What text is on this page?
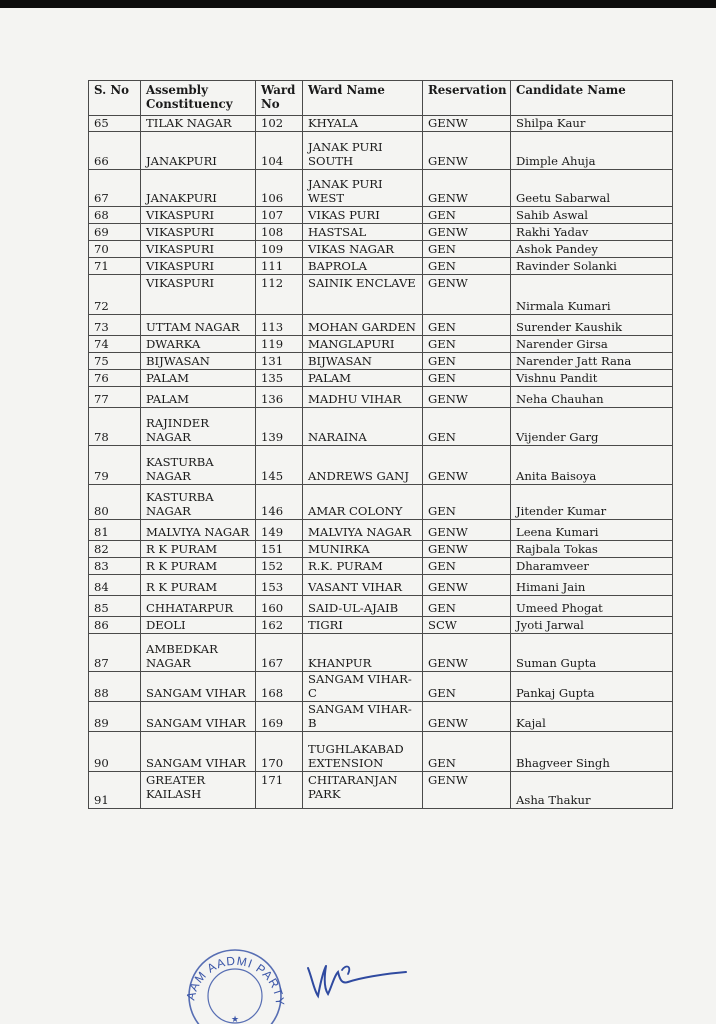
S. No	Assembly Constituency	Ward No	Ward Name	Reservation	Candidate Name
65	TILAK NAGAR	102	KHYALA	GENW	Shilpa Kaur
66	JANAKPURI	104	JANAK PURI SOUTH	GENW	Dimple Ahuja
67	JANAKPURI	106	JANAK PURI WEST	GENW	Geetu Sabarwal
68	VIKASPURI	107	VIKAS PURI	GEN	Sahib Aswal
69	VIKASPURI	108	HASTSAL	GENW	Rakhi Yadav
70	VIKASPURI	109	VIKAS NAGAR	GEN	Ashok Pandey
71	VIKASPURI	111	BAPROLA	GEN	Ravinder Solanki
72	VIKASPURI	112	SAINIK ENCLAVE	GENW	Nirmala Kumari
73	UTTAM NAGAR	113	MOHAN GARDEN	GEN	Surender Kaushik
74	DWARKA	119	MANGLAPURI	GEN	Narender Girsa
75	BIJWASAN	131	BIJWASAN	GEN	Narender Jatt Rana
76	PALAM	135	PALAM	GEN	Vishnu Pandit
77	PALAM	136	MADHU VIHAR	GENW	Neha Chauhan
78	RAJINDER NAGAR	139	NARAINA	GEN	Vijender Garg
79	KASTURBA NAGAR	145	ANDREWS GANJ	GENW	Anita Baisoya
80	KASTURBA NAGAR	146	AMAR COLONY	GEN	Jitender Kumar
81	MALVIYA NAGAR	149	MALVIYA NAGAR	GENW	Leena Kumari
82	R K PURAM	151	MUNIRKA	GENW	Rajbala Tokas
83	R K PURAM	152	R.K. PURAM	GEN	Dharamveer
84	R K PURAM	153	VASANT VIHAR	GENW	Himani Jain
85	CHHATARPUR	160	SAID-UL-AJAIB	GEN	Umeed Phogat
86	DEOLI	162	TIGRI	SCW	Jyoti Jarwal
87	AMBEDKAR NAGAR	167	KHANPUR	GENW	Suman Gupta
88	SANGAM VIHAR	168	SANGAM VIHAR-C	GEN	Pankaj Gupta
89	SANGAM VIHAR	169	SANGAM VIHAR-B	GENW	Kajal
90	SANGAM VIHAR	170	TUGHLAKABAD EXTENSION	GEN	Bhagveer Singh
91	GREATER KAILASH	171	CHITARANJAN PARK	GENW	Asha Thakur
AAM AADMI PARTY
★
